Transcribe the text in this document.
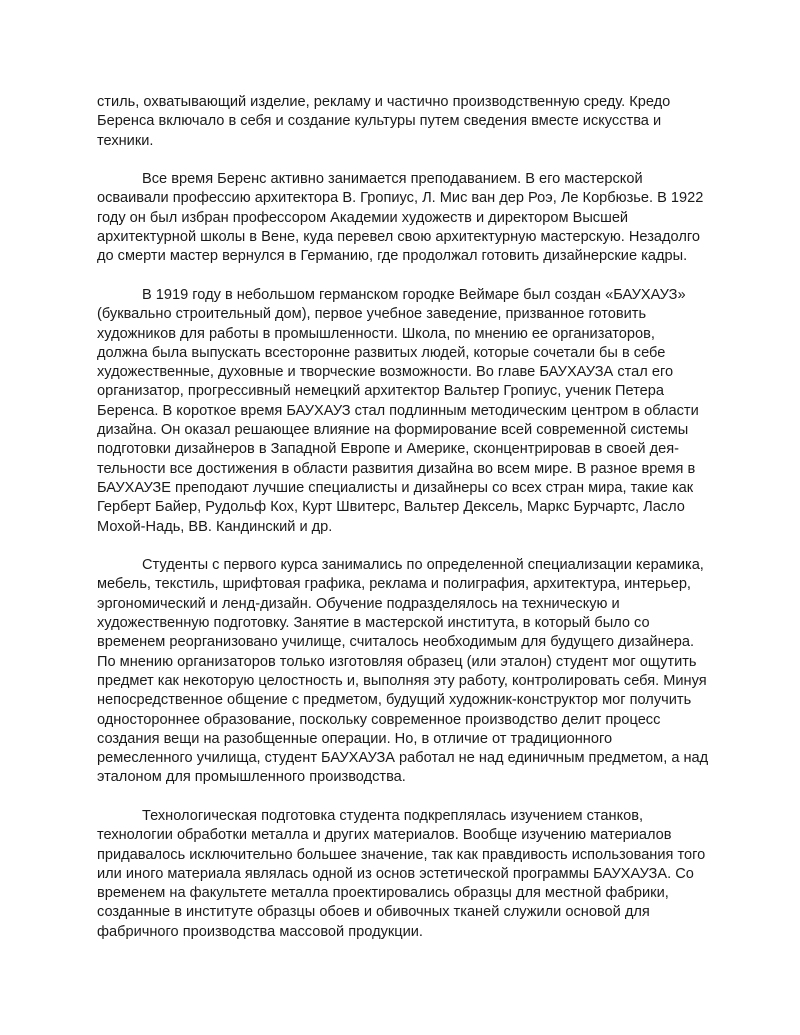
стиль, охватывающий изделие, рекламу и частично производственную среду. Кредо Беренса включало в себя и создание культуры путем сведения вместе искусства и техники.

Все время Беренс активно занимается преподаванием. В его мастерской осваивали профессию архитектора В. Гропиус, Л. Мис ван дер Роэ, Ле Корбюзье. В 1922 году он был избран профессором Академии художеств и директором Высшей архитектурной школы в Вене, куда перевел свою архитектурную мастерскую. Незадолго до смерти мастер вернулся в Германию, где продолжал готовить дизайнерские кадры.

В 1919 году в небольшом германском городке Веймаре был создан «БАУХАУЗ» (буквально строительный дом), первое учебное заведение, призванное готовить художников для работы в промышленности. Школа, по мнению ее организаторов, должна была выпускать всесторонне развитых людей, которые сочетали бы в себе художественные, духовные и творческие возможности. Во главе БАУХАУЗА стал его организатор, прогрессивный немецкий архитектор Вальтер Гропиус, ученик Петера Беренса. В короткое время БАУХАУЗ стал подлинным методическим центром в области дизайна. Он оказал решающее влияние на формирование всей современной системы подготовки дизайнеров в Западной Европе и Америке, сконцентрировав в своей дея-тельности все достижения в области развития дизайна во всем мире. В разное время в БАУХАУЗЕ преподают лучшие специалисты и дизайнеры со всех стран мира, такие как Герберт Байер, Рудольф Кох, Курт Швитерс, Вальтер Дексель, Маркс Бурчартс, Ласло Мохой-Надь, ВВ. Кандинский и др.

Студенты с первого курса занимались по определенной специализации керамика, мебель, текстиль, шрифтовая графика, реклама и полиграфия, архитектура, интерьер, эргономический и ленд-дизайн. Обучение подразделялось на техническую и художественную подготовку. Занятие в мастерской института, в который было со временем реорганизовано училище, считалось необходимым для будущего дизайнера. По мнению организаторов только изготовляя образец (или эталон) студент мог ощутить предмет как некоторую целостность и, выполняя эту работу, контролировать себя. Минуя непосредственное общение с предметом, будущий художник-конструктор мог получить одностороннее образование, поскольку современное производство делит процесс создания вещи на разобщенные операции. Но, в отличие от традиционного ремесленного училища, студент БАУХАУЗА работал не над единичным предметом, а над эталоном для промышленного производства.

Технологическая подготовка студента подкреплялась изучением станков, технологии обработки металла и других материалов. Вообще изучению материалов придавалось исключительно большее значение, так как правдивость использования того или иного материала являлась одной из основ эстетической программы БАУХАУЗА. Со временем на факультете металла проектировались образцы для местной фабрики, созданные в институте образцы обоев и обивочных тканей служили основой для фабричного производства массовой продукции.
